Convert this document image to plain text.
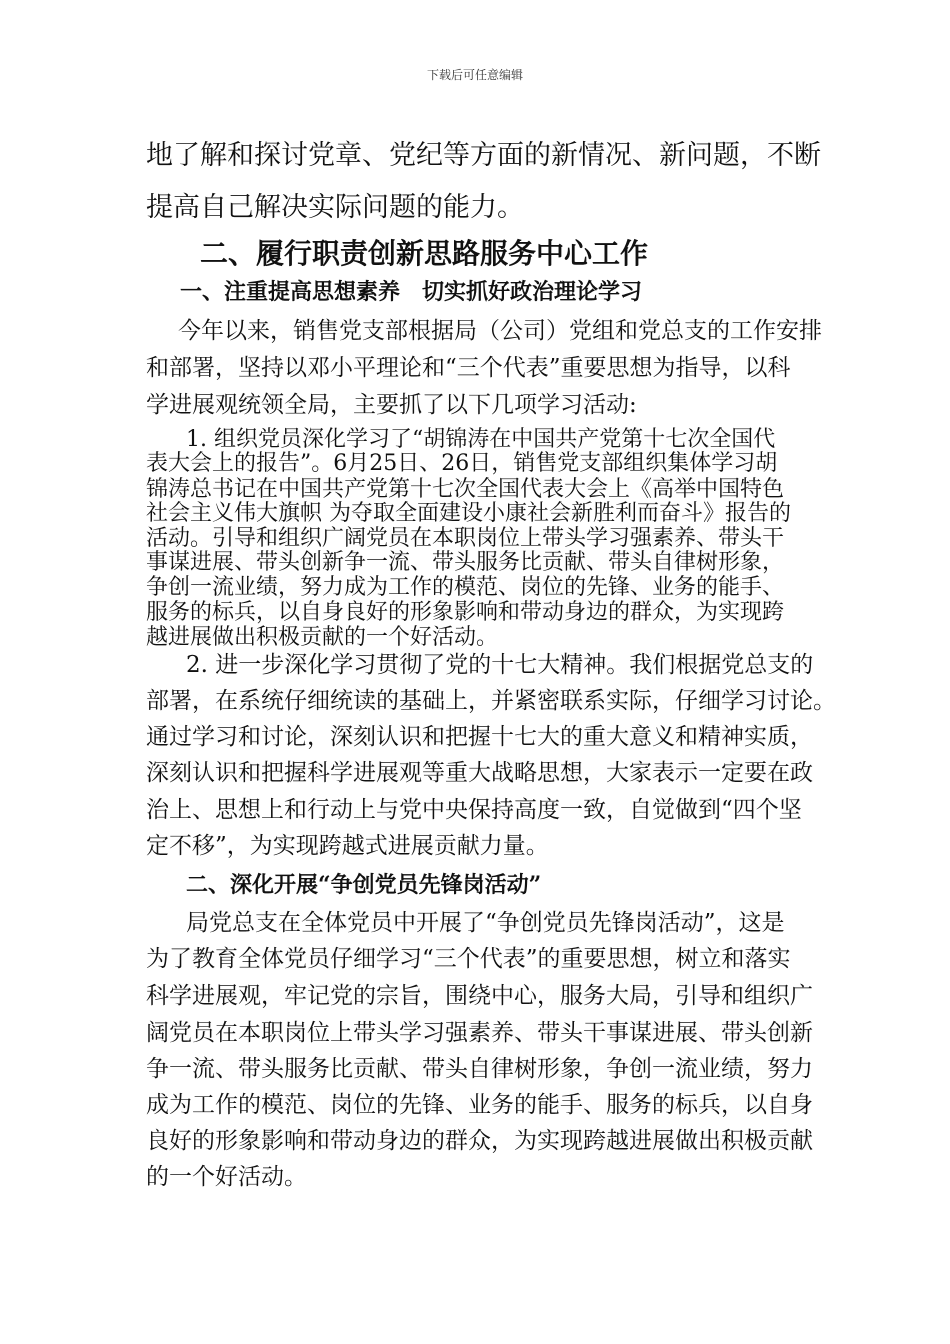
下载后可任意编辑
地了解和探讨党章、党纪等方面的新情况、新问题，不断
提高自己解决实际问题的能力。
二、履行职责创新思路服务中心工作
一、注重提高思想素养　切实抓好政治理论学习
今年以来，销售党支部根据局（公司）党组和党总支的工作安排
和部署，坚持以邓小平理论和“三个代表”重要思想为指导，以科
学进展观统领全局，主要抓了以下几项学习活动:
1. 组织党员深化学习了“胡锦涛在中国共产党第十七次全国代
表大会上的报告”。6月25日、26日，销售党支部组织集体学习胡
锦涛总书记在中国共产党第十七次全国代表大会上《高举中国特色
社会主义伟大旗帜 为夺取全面建设小康社会新胜利而奋斗》报告的
活动。引导和组织广阔党员在本职岗位上带头学习强素养、带头干
事谋进展、带头创新争一流、带头服务比贡献、带头自律树形象，
争创一流业绩，努力成为工作的模范、岗位的先锋、业务的能手、
服务的标兵，以自身良好的形象影响和带动身边的群众，为实现跨
越进展做出积极贡献的一个好活动。
2. 进一步深化学习贯彻了党的十七大精神。我们根据党总支的
部署，在系统仔细统读的基础上，并紧密联系实际，仔细学习讨论。
通过学习和讨论，深刻认识和把握十七大的重大意义和精神实质，
深刻认识和把握科学进展观等重大战略思想，大家表示一定要在政
治上、思想上和行动上与党中央保持高度一致，自觉做到“四个坚
定不移”，为实现跨越式进展贡献力量。
二、深化开展“争创党员先锋岗活动”
局党总支在全体党员中开展了“争创党员先锋岗活动”，这是
为了教育全体党员仔细学习“三个代表”的重要思想，树立和落实
科学进展观，牢记党的宗旨，围绕中心，服务大局，引导和组织广
阔党员在本职岗位上带头学习强素养、带头干事谋进展、带头创新
争一流、带头服务比贡献、带头自律树形象，争创一流业绩，努力
成为工作的模范、岗位的先锋、业务的能手、服务的标兵，以自身
良好的形象影响和带动身边的群众，为实现跨越进展做出积极贡献
的一个好活动。
